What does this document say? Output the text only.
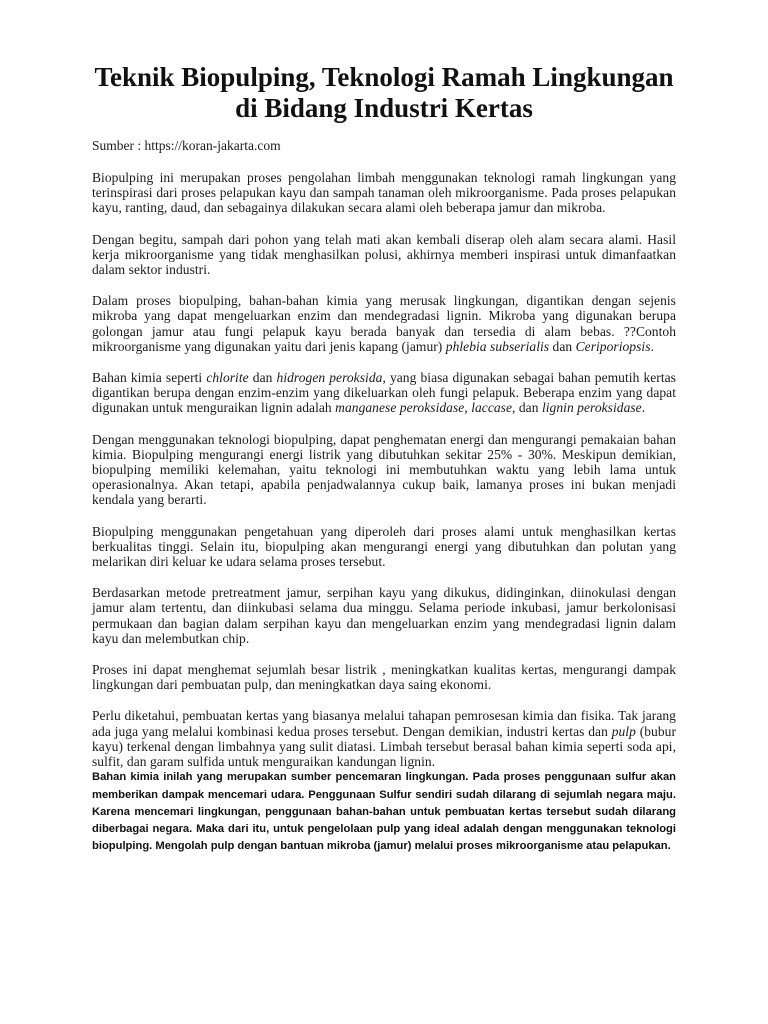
Teknik Biopulping, Teknologi Ramah Lingkungan di Bidang Industri Kertas
Sumber : https://koran-jakarta.com

Biopulping ini merupakan proses pengolahan limbah menggunakan teknologi ramah lingkungan yang terinspirasi dari proses pelapukan kayu dan sampah tanaman oleh mikroorganisme. Pada proses pelapukan kayu, ranting, daud, dan sebagainya dilakukan secara alami oleh beberapa jamur dan mikroba.

Dengan begitu, sampah dari pohon yang telah mati akan kembali diserap oleh alam secara alami. Hasil kerja mikroorganisme yang tidak menghasilkan polusi, akhirnya memberi inspirasi untuk dimanfaatkan dalam sektor industri.

Dalam proses biopulping, bahan-bahan kimia yang merusak lingkungan, digantikan dengan sejenis mikroba yang dapat mengeluarkan enzim dan mendegradasi lignin. Mikroba yang digunakan berupa golongan jamur atau fungi pelapuk kayu berada banyak dan tersedia di alam bebas. ??Contoh mikroorganisme yang digunakan yaitu dari jenis kapang (jamur) phlebia subserialis dan Ceriporiopsis.

Bahan kimia seperti chlorite dan hidrogen peroksida, yang biasa digunakan sebagai bahan pemutih kertas digantikan berupa dengan enzim-enzim yang dikeluarkan oleh fungi pelapuk. Beberapa enzim yang dapat digunakan untuk menguraikan lignin adalah manganese peroksidase, laccase, dan lignin peroksidase.

Dengan menggunakan teknologi biopulping, dapat penghematan energi dan mengurangi pemakaian bahan kimia. Biopulping mengurangi energi listrik yang dibutuhkan sekitar 25% - 30%. Meskipun demikian, biopulping memiliki kelemahan, yaitu teknologi ini membutuhkan waktu yang lebih lama untuk operasionalnya. Akan tetapi, apabila penjadwalannya cukup baik, lamanya proses ini bukan menjadi kendala yang berarti.

Biopulping menggunakan pengetahuan yang diperoleh dari proses alami untuk menghasilkan kertas berkualitas tinggi. Selain itu, biopulping akan mengurangi energi yang dibutuhkan dan polutan yang melarikan diri keluar ke udara selama proses tersebut.

Berdasarkan metode pretreatment jamur, serpihan kayu yang dikukus, didinginkan, diinokulasi dengan jamur alam tertentu, dan diinkubasi selama dua minggu. Selama periode inkubasi, jamur berkolonisasi permukaan dan bagian dalam serpihan kayu dan mengeluarkan enzim yang mendegradasi lignin dalam kayu dan melembutkan chip.

Proses ini dapat menghemat sejumlah besar listrik , meningkatkan kualitas kertas, mengurangi dampak lingkungan dari pembuatan pulp, dan meningkatkan daya saing ekonomi.

Perlu diketahui, pembuatan kertas yang biasanya melalui tahapan pemrosesan kimia dan fisika. Tak jarang ada juga yang melalui kombinasi kedua proses tersebut. Dengan demikian, industri kertas dan pulp (bubur kayu) terkenal dengan limbahnya yang sulit diatasi. Limbah tersebut berasal bahan kimia seperti soda api, sulfit, dan garam sulfida untuk menguraikan kandungan lignin.

Bahan kimia inilah yang merupakan sumber pencemaran lingkungan. Pada proses penggunaan sulfur akan memberikan dampak mencemari udara. Penggunaan Sulfur sendiri sudah dilarang di sejumlah negara maju. Karena mencemari lingkungan, penggunaan bahan-bahan untuk pembuatan kertas tersebut sudah dilarang diberbagai negara. Maka dari itu, untuk pengelolaan pulp yang ideal adalah dengan menggunakan teknologi biopulping. Mengolah pulp dengan bantuan mikroba (jamur) melalui proses mikroorganisme atau pelapukan.
